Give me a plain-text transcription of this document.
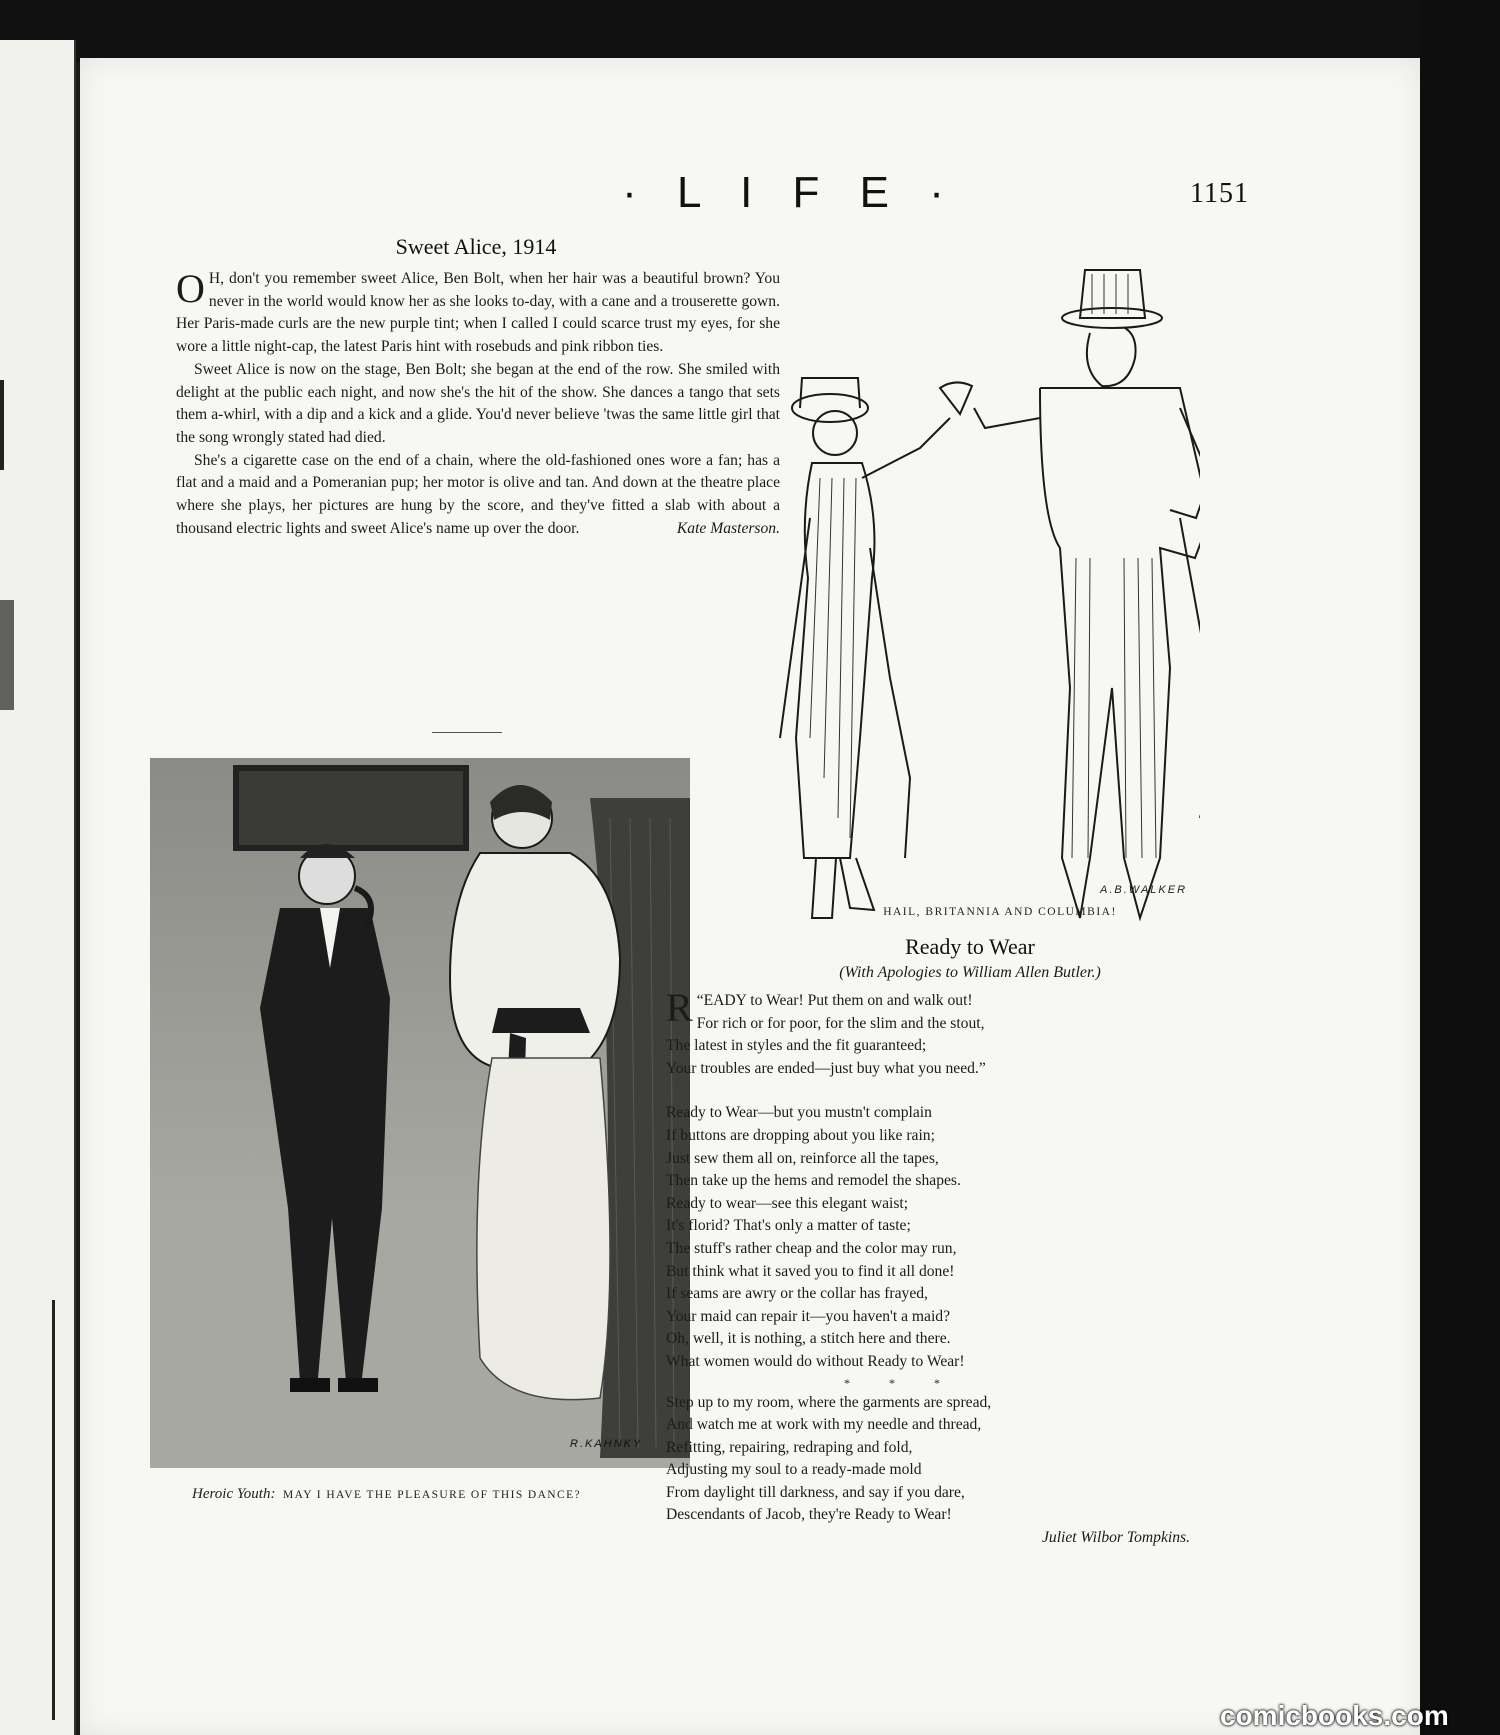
· L I F E ·	1151
Sweet Alice, 1914

O H, don't you remember sweet Alice, Ben Bolt, when her hair was a beautiful brown? You never in the world would know her as she looks to-day, with a cane and a trouserette gown. Her Paris-made curls are the new purple tint; when I called I could scarce trust my eyes, for she wore a little night-cap, the latest Paris hint with rosebuds and pink ribbon ties.

Sweet Alice is now on the stage, Ben Bolt; she began at the end of the row. She smiled with delight at the public each night, and now she's the hit of the show. She dances a tango that sets them a-whirl, with a dip and a kick and a glide. You'd never believe 'twas the same little girl that the song wrongly stated had died.

She's a cigarette case on the end of a chain, where the old-fashioned ones wore a fan; has a flat and a maid and a Pomeranian pup; her motor is olive and tan. And down at the theatre place where she plays, her pictures are hung by the score, and they've fitted a slab with about a thousand electric lights and sweet Alice's name up over the door.	Kate Masterson.

A.B.WALKER
HAIL, BRITANNIA AND COLUMBIA!
R.KAHNKY
Heroic Youth: MAY I HAVE THE PLEASURE OF THIS DANCE?
Ready to Wear
(With Apologies to William Allen Butler.)
“
R EADY to Wear! Put them on and walk out!
For rich or for poor, for the slim and the stout,
The latest in styles and the fit guaranteed;
Your troubles are ended—just buy what you need.”
Ready to Wear—but you mustn't complain
If buttons are dropping about you like rain;
Just sew them all on, reinforce all the tapes,
Then take up the hems and remodel the shapes.
Ready to wear—see this elegant waist;
It's florid? That's only a matter of taste;
The stuff's rather cheap and the color may run,
But think what it saved you to find it all done!
If seams are awry or the collar has frayed,
Your maid can repair it—you haven't a maid?
Oh, well, it is nothing, a stitch here and there.
What women would do without Ready to Wear!
* * *
Step up to my room, where the garments are spread,
And watch me at work with my needle and thread,
Refitting, repairing, redraping and fold,
Adjusting my soul to a ready-made mold
From daylight till darkness, and say if you dare,
Descendants of Jacob, they're Ready to Wear!
Juliet Wilbor Tompkins.
comicbooks.com
